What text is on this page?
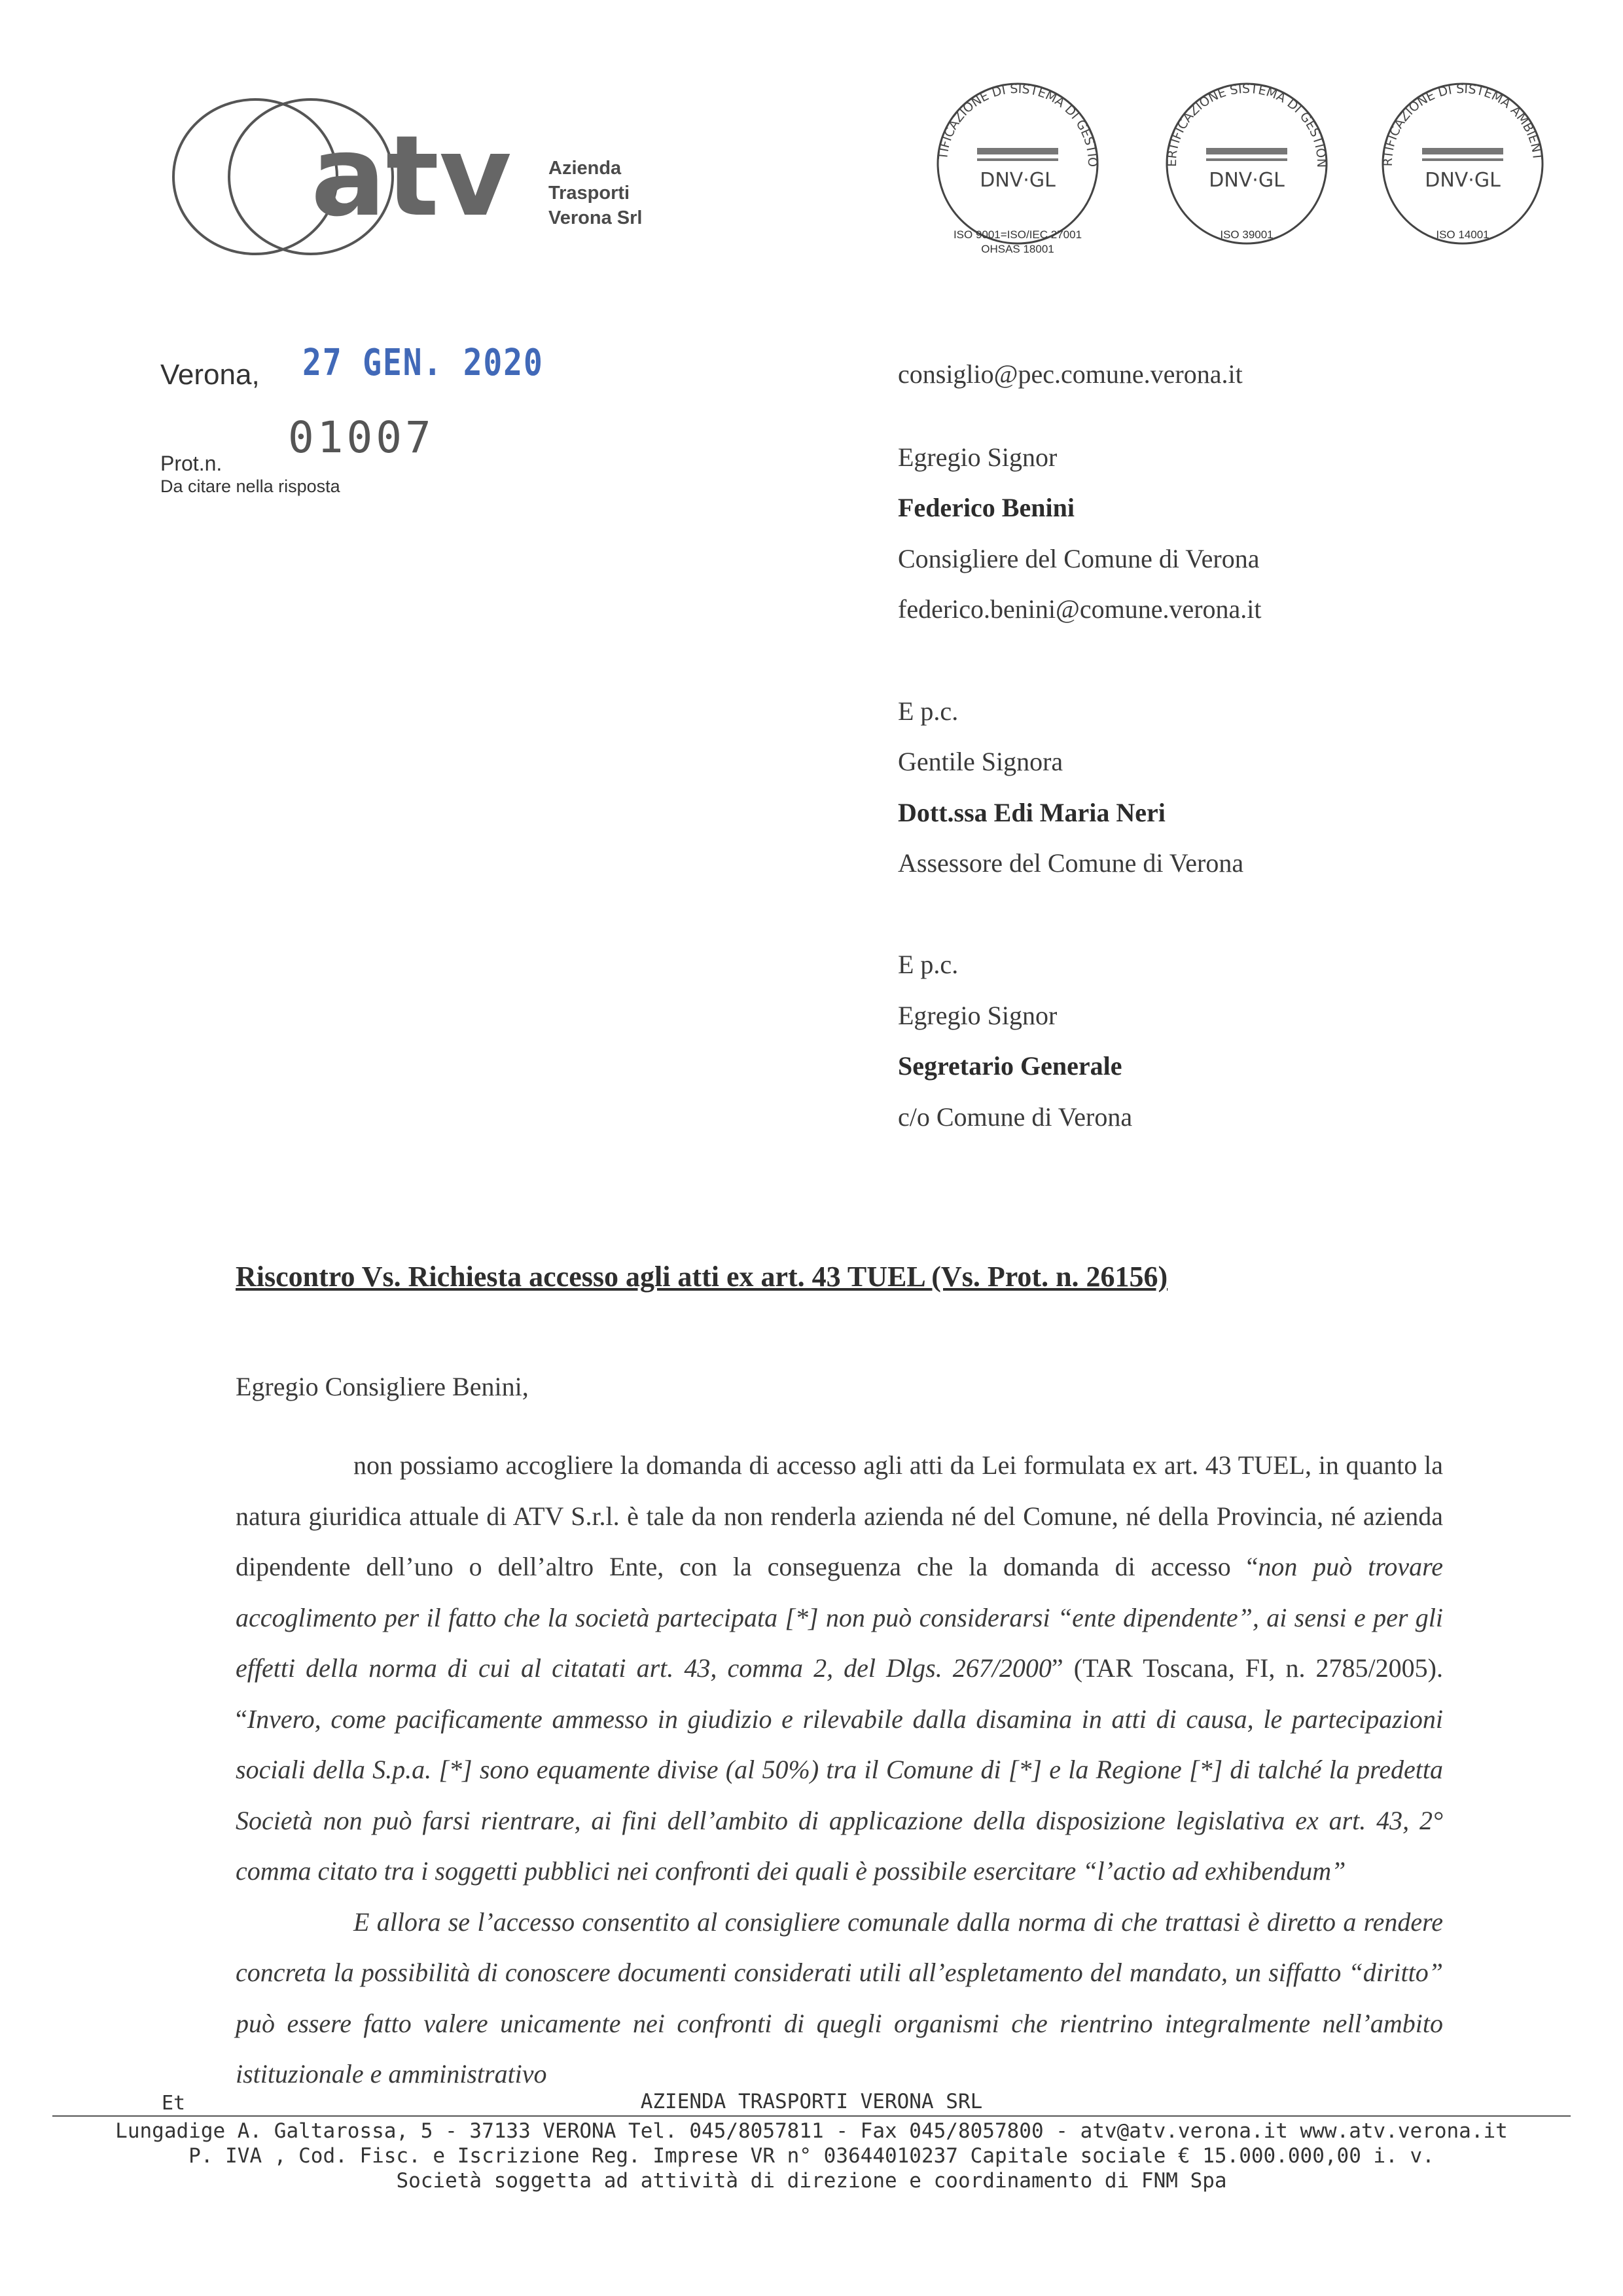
atv Azienda
Trasporti
Verona Srl
TIFICAZIONE DI SISTEMA DI GESTIO
DNV·GL
ISO 9001=ISO/IEC 27001
OHSAS 18001
ERTIFICAZIONE SISTEMA DI GESTION
DNV·GL
ISO 39001
RTIFICAZIONE DI SISTEMA AMBIENT
DNV·GL
ISO 14001
Verona, 27 GEN. 2020
Prot.n.
01007
Da citare nella risposta
consiglio@pec.comune.verona.it
Egregio Signor
Federico Benini
Consigliere del Comune di Verona
federico.benini@comune.verona.it
E p.c.
Gentile Signora
Dott.ssa Edi Maria Neri
Assessore del Comune di Verona
E p.c.
Egregio Signor
Segretario Generale
c/o Comune di Verona
Riscontro Vs. Richiesta accesso agli atti ex art. 43 TUEL (Vs. Prot. n. 26156)
Egregio Consigliere Benini,

non possiamo accogliere la domanda di accesso agli atti da Lei formulata ex art. 43 TUEL, in quanto la natura giuridica attuale di ATV S.r.l. è tale da non renderla azienda né del Comune, né della Provincia, né azienda dipendente dell’uno o dell’altro Ente, con la conseguenza che la domanda di accesso “non può trovare accoglimento per il fatto che la società partecipata [*] non può considerarsi “ente dipendente”, ai sensi e per gli effetti della norma di cui al citatati art. 43, comma 2, del Dlgs. 267/2000” (TAR Toscana, FI, n. 2785/2005). “Invero, come pacificamente ammesso in giudizio e rilevabile dalla disamina in atti di causa, le partecipazioni sociali della S.p.a. [*] sono equamente divise (al 50%) tra il Comune di [*] e la Regione [*] di talché la predetta Società non può farsi rientrare, ai fini dell’ambito di applicazione della disposizione legislativa ex art. 43, 2° comma citato tra i soggetti pubblici nei confronti dei quali è possibile esercitare “l’actio ad exhibendum”

E allora se l’accesso consentito al consigliere comunale dalla norma di che trattasi è diretto a rendere concreta la possibilità di conoscere documenti considerati utili all’espletamento del mandato, un siffatto “diritto” può essere fatto valere unicamente nei confronti di quegli organismi che rientrino integralmente nell’ambito istituzionale e amministrativo

AZIENDA TRASPORTI VERONA SRL
Et
Lungadige A. Galtarossa, 5 - 37133 VERONA Tel. 045/8057811 - Fax 045/8057800 - atv@atv.verona.it www.atv.verona.it
P. IVA , Cod. Fisc. e Iscrizione Reg. Imprese VR n° 03644010237 Capitale sociale € 15.000.000,00 i. v.
Società soggetta ad attività di direzione e coordinamento di FNM Spa
